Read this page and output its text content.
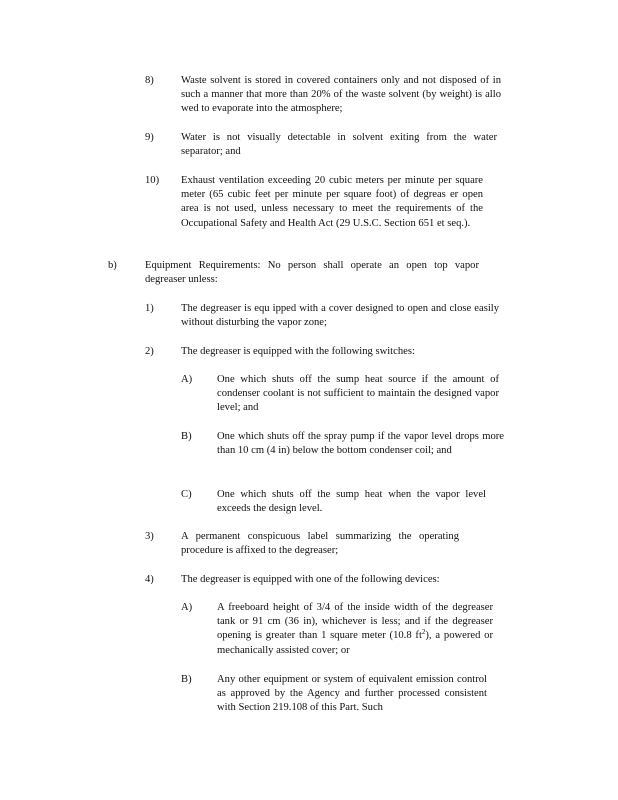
8)	Waste solvent is stored in covered containers only and not disposed of in such a manner that more than 20% of the waste solvent (by weight) is allo wed to evaporate into the atmosphere;
9)	Water is not visually detectable in solvent exiting from the water separator; and
10) Exhaust ventilation exceeding 20 cubic meters per minute per square meter (65 cubic feet per minute per square foot) of degreas er open area is not used, unless necessary to meet the requirements of the Occupational Safety and Health Act (29 U.S.C. Section 651 et seq.).
b)	Equipment Requirements: No person shall operate an open top vapor degreaser unless:
1)	The degreaser is equ ipped with a cover designed to open and close easily without disturbing the vapor zone;
2)	The degreaser is equipped with the following switches:
A) One which shuts off the sump heat source if the amount of condenser coolant is not sufficient to maintain the designed vapor level; and
B) One which shuts off the spray pump if the vapor level drops more than 10 cm (4 in) below the bottom condenser coil; and
C) One which shuts off the sump heat when the vapor level exceeds the design level.
3)	A permanent conspicuous label summarizing the operating procedure is affixed to the degreaser;
4)	The degreaser is equipped with one of the following devices:
A) A freeboard height of 3/4 of the inside width of the degreaser tank or 91 cm (36 in), whichever is less; and if the degreaser opening is greater than 1 square meter (10.8 $ft^2$), a powered or mechanically assisted cover; or
B) Any other equipment or system of equivalent emission control as approved by the Agency and further processed consistent with Section 219.108 of this Part. Such
